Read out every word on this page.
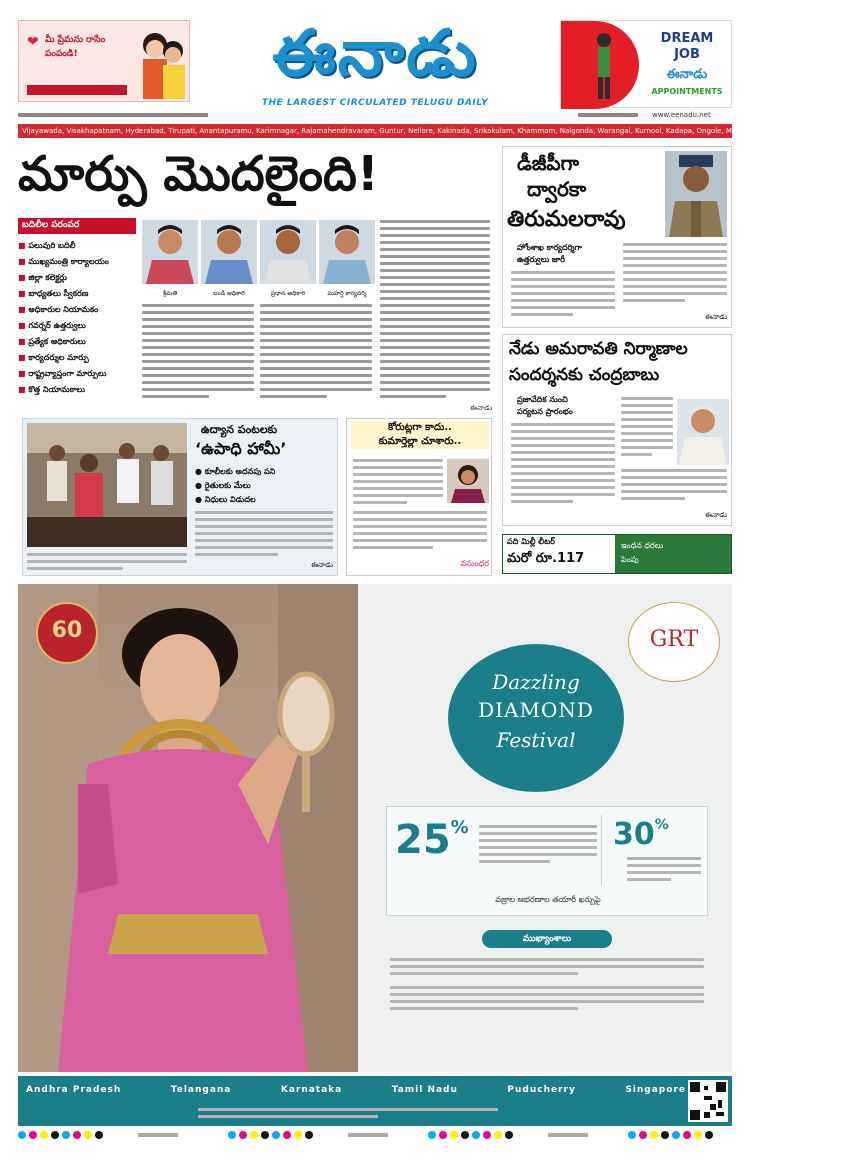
❤ మీ ప్రేమను రాసేం పంపండి!	ఈనాడు
THE LARGEST CIRCULATED TELUGU DAILY
DREAM
JOB
ఈనాడు
APPOINTMENTS
www.eenadu.net
Vijayawada, Visakhapatnam, Hyderabad, Tirupati, Anantapuramu, Karimnagar, Rajamahendravaram, Guntur, Nellore, Kakinada, Srikakulam, Khammam, Nalgonda, Warangal, Kurnool, Kadapa, Ongole, Mahabubnagar, Chennai, Bengaluru
మార్పు మొదలైంది!
బదిలీల పరంపర
■ పలువురి బదిలీ
■ ముఖ్యమంత్రి కార్యాలయం
■ జిల్లా కలెక్టర్లు
■ బాధ్యతలు స్వీకరణ
■ అధికారుల నియామకం
■ గవర్నర్ ఉత్తర్వులు
■ ప్రత్యేక అధికారులు
■ కార్యదర్శుల మార్పు
■ రాష్ట్రవ్యాప్తంగా మార్పులు
■ కొత్త నియామకాలు
శ్రీమతి	బండి అధికారి	ప్రధాన అధికారి	మహర్షి కార్యదర్శి
ఈనాడు
డీజీపీగా
ద్వారకా
తిరుమలరావు
హోంశాఖ కార్యదర్శిగా
ఉత్తర్వులు జారీ
ఈనాడు
నేడు అమరావతి నిర్మాణాల
సందర్శనకు చంద్రబాబు
ప్రజావేదిక నుంచి
పర్యటన ప్రారంభం
ఈనాడు
ఉద్యాన పంటలకు
‘ఉపాధి హామీ’
● కూలీలకు అదనపు పని
● రైతులకు మేలు
● నిధులు విడుదల
ఈనాడు
కోరుట్లగా కాదు..
కుమార్తెల్లా చూశారు..
వసుంధర
పది మిల్లీ లీటర్
మరో రూ.117
ఇంధన ధరలు
పెంపు
60	GRT
Dazzling
DIAMOND
Festival
25%	30%
వజ్రాల ఆభరణాల తయారీ ఖర్చుపై
ముఖ్యాంశాలు
Andhra Pradesh	Telangana	Karnataka	Tamil Nadu	Puducherry	Singapore
